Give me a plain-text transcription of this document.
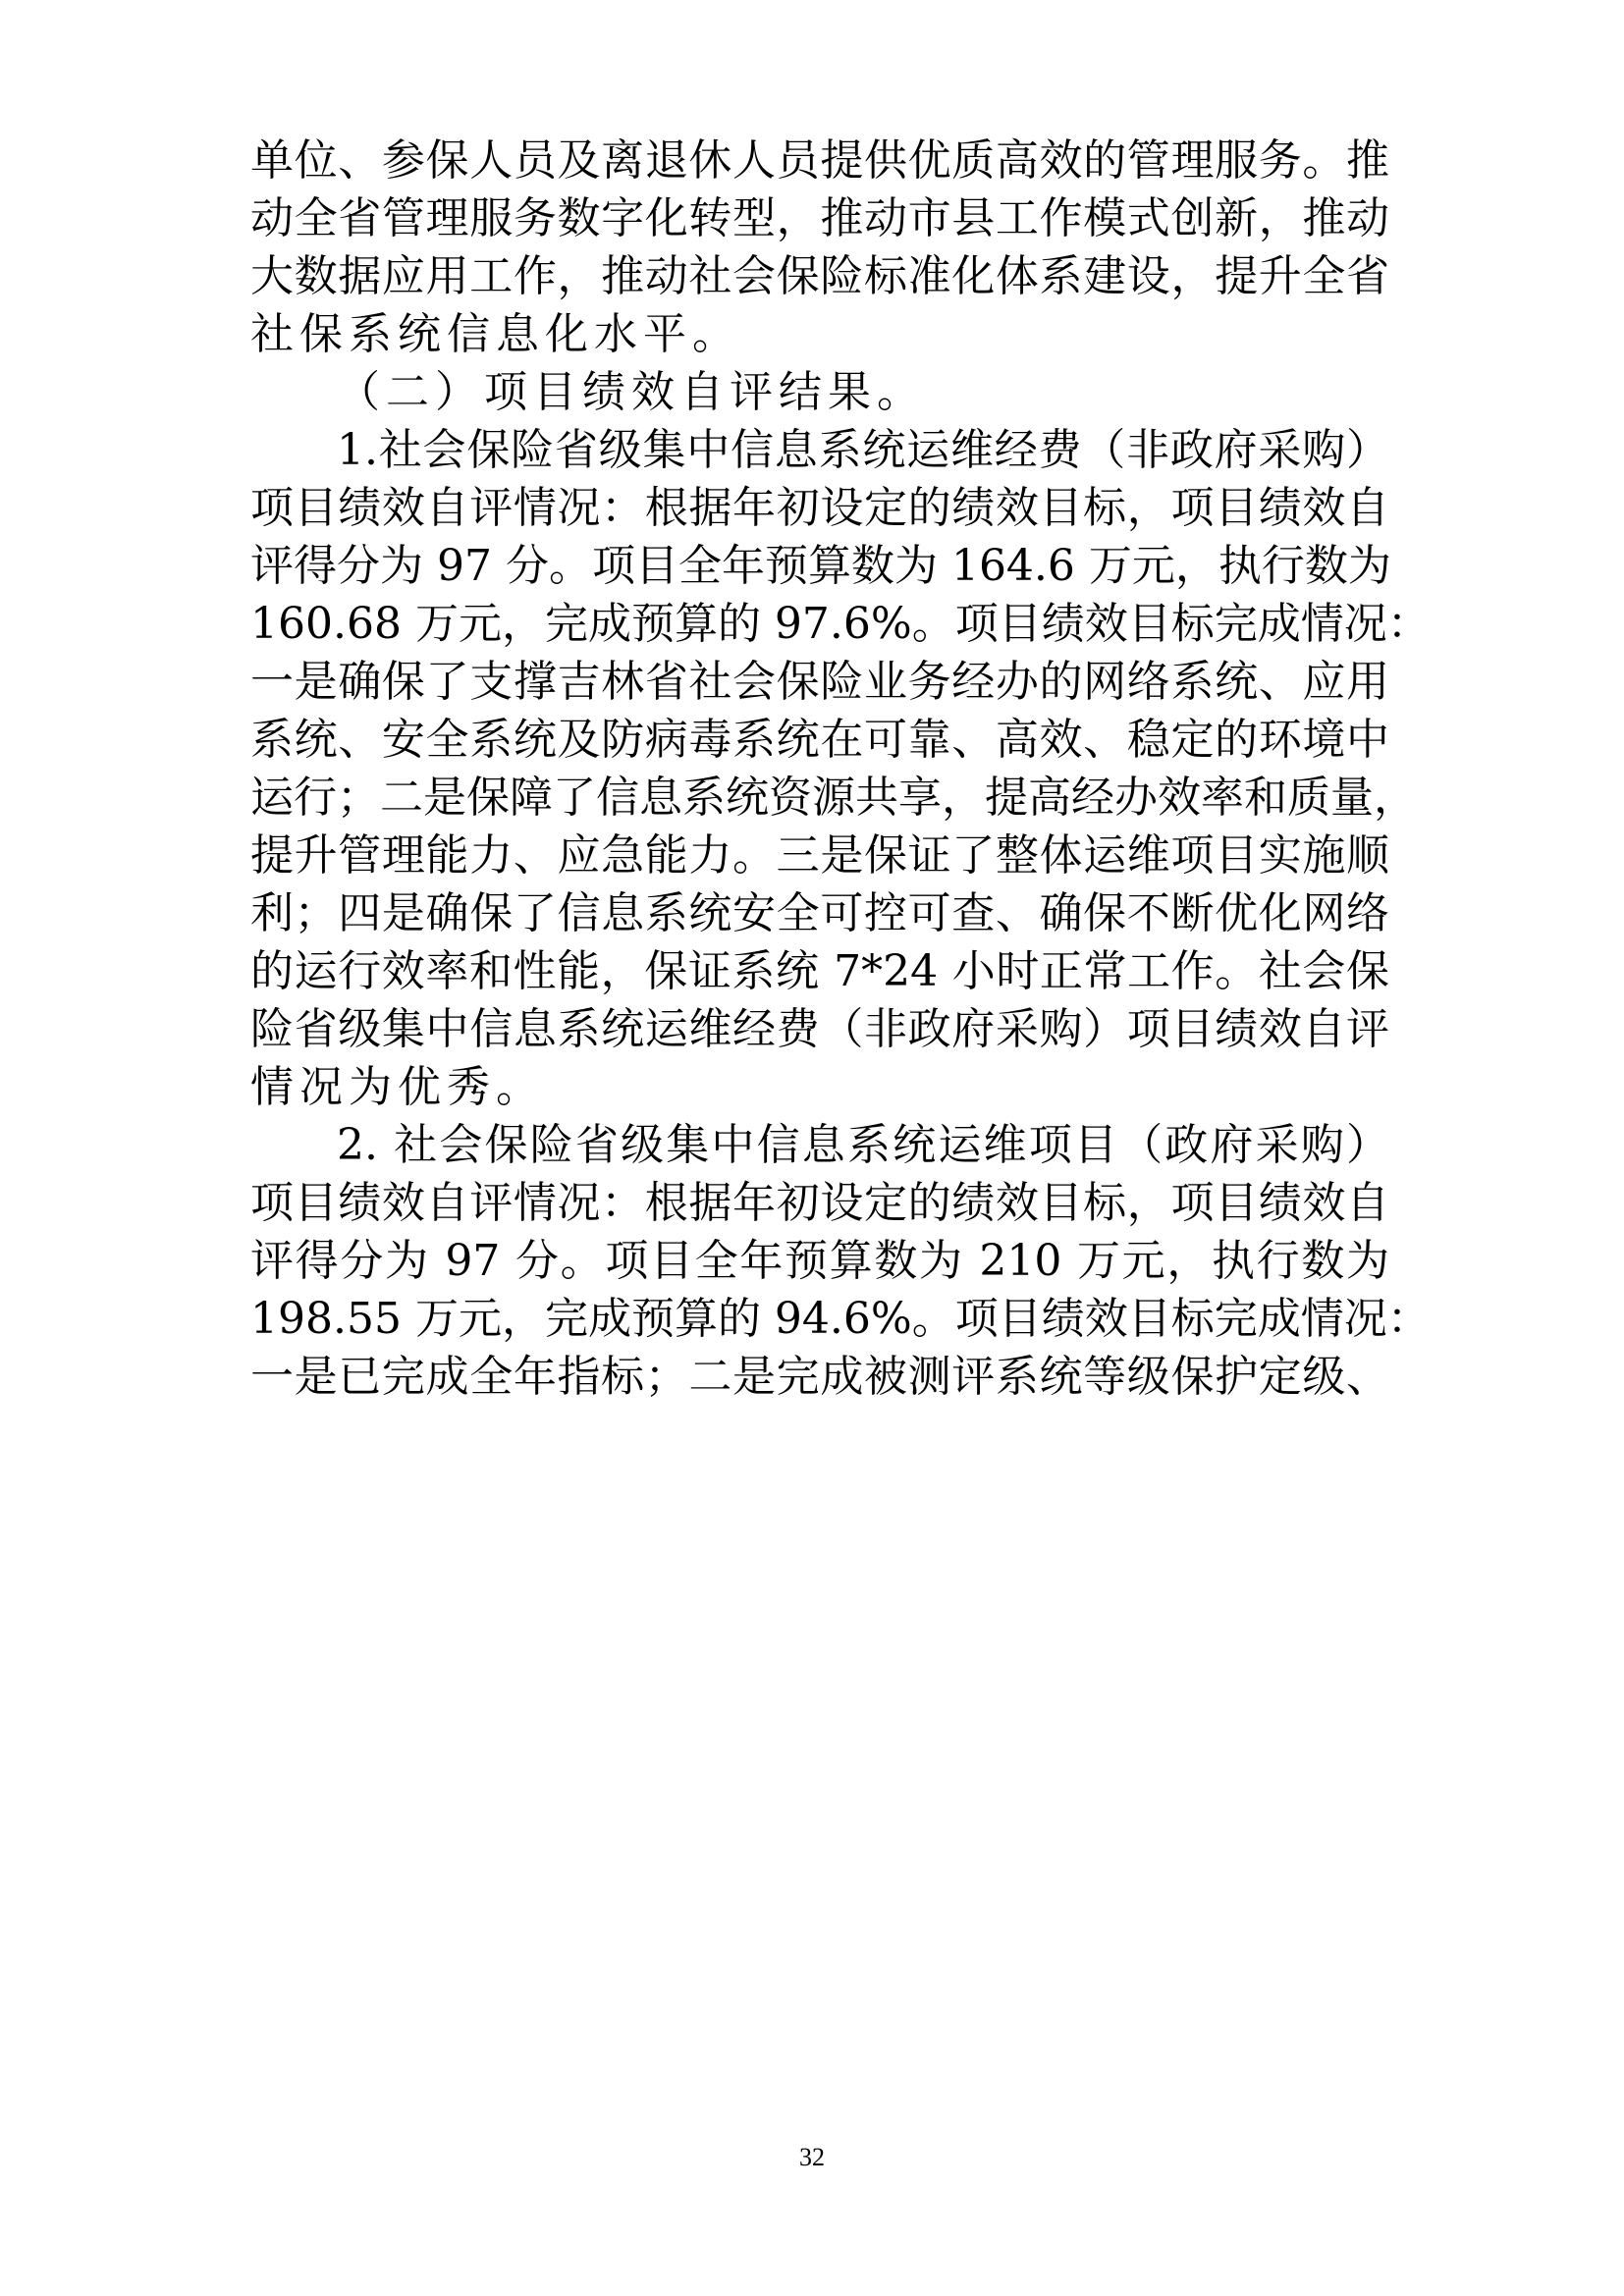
单位、参保人员及离退休人员提供优质高效的管理服务。推
动全省管理服务数字化转型，推动市县工作模式创新，推动
大数据应用工作，推动社会保险标准化体系建设，提升全省
社保系统信息化水平。
（二）项目绩效自评结果。
1.社会保险省级集中信息系统运维经费（非政府采购）
项目绩效自评情况：根据年初设定的绩效目标，项目绩效自
评得分为 97 分。项目全年预算数为 164.6 万元，执行数为
160.68 万元，完成预算的 97.6%。项目绩效目标完成情况：
一是确保了支撑吉林省社会保险业务经办的网络系统、应用
系统、安全系统及防病毒系统在可靠、高效、稳定的环境中
运行；二是保障了信息系统资源共享，提高经办效率和质量，
提升管理能力、应急能力。三是保证了整体运维项目实施顺
利；四是确保了信息系统安全可控可查、确保不断优化网络
的运行效率和性能，保证系统 7*24 小时正常工作。社会保
险省级集中信息系统运维经费（非政府采购）项目绩效自评
情况为优秀。
2. 社会保险省级集中信息系统运维项目（政府采购）
项目绩效自评情况：根据年初设定的绩效目标，项目绩效自
评得分为 97 分。项目全年预算数为 210 万元，执行数为
198.55 万元，完成预算的 94.6%。项目绩效目标完成情况：
一是已完成全年指标；二是完成被测评系统等级保护定级、
32
